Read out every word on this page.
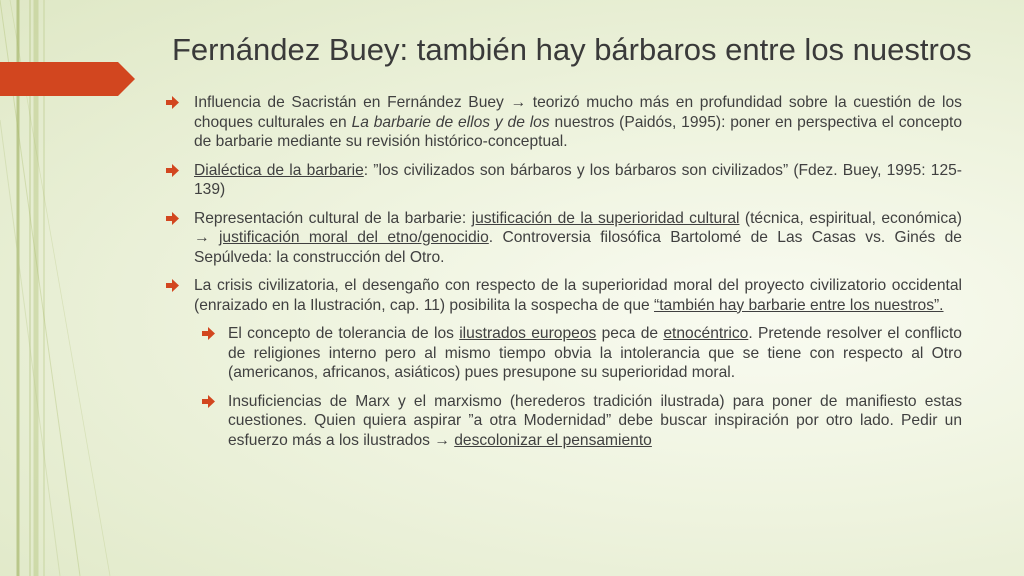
Fernández Buey: también hay bárbaros entre los nuestros
Influencia de Sacristán en Fernández Buey → teorizó mucho más en profundidad sobre la cuestión de los choques culturales en La barbarie de ellos y de los nuestros (Paidós, 1995): poner en perspectiva el concepto de barbarie mediante su revisión histórico-conceptual.
Dialéctica de la barbarie: ”los civilizados son bárbaros y los bárbaros son civilizados” (Fdez. Buey, 1995: 125-139)
Representación cultural de la barbarie: justificación de la superioridad cultural (técnica, espiritual, económica) → justificación moral del etno/genocidio. Controversia filosófica Bartolomé de Las Casas vs. Ginés de Sepúlveda: la construcción del Otro.
La crisis civilizatoria, el desengaño con respecto de la superioridad moral del proyecto civilizatorio occidental (enraizado en la Ilustración, cap. 11) posibilita la sospecha de que “también hay barbarie entre los nuestros”.
El concepto de tolerancia de los ilustrados europeos peca de etnocéntrico. Pretende resolver el conflicto de religiones interno pero al mismo tiempo obvia la intolerancia que se tiene con respecto al Otro (americanos, africanos, asiáticos) pues presupone su superioridad moral.
Insuficiencias de Marx y el marxismo (herederos tradición ilustrada) para poner de manifiesto estas cuestiones. Quien quiera aspirar ”a otra Modernidad” debe buscar inspiración por otro lado. Pedir un esfuerzo más a los ilustrados → descolonizar el pensamiento
